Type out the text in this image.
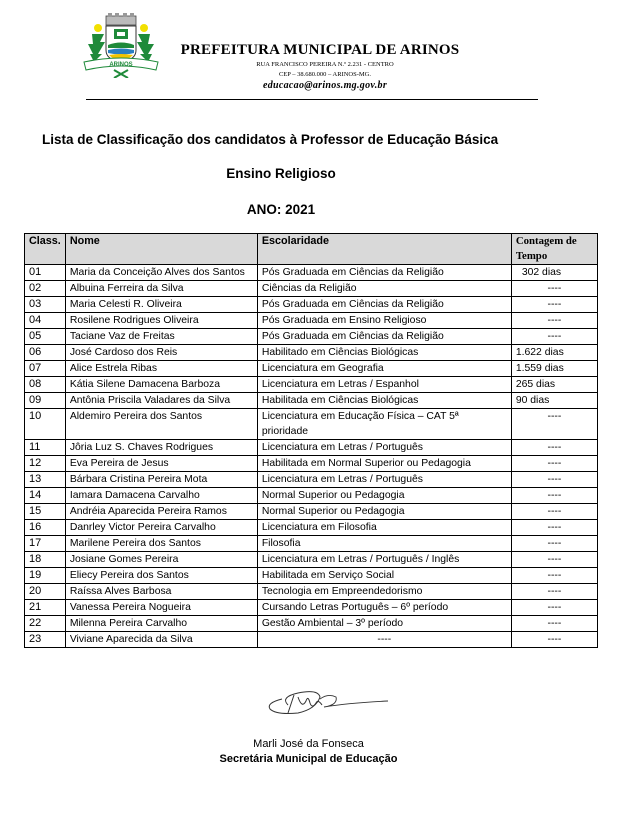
ARINOS
PREFEITURA MUNICIPAL DE ARINOS
RUA FRANCISCO PEREIRA N.º 2.231 - CENTRO
CEP – 38.680.000 – ARINOS-MG.
educacao@arinos.mg.gov.br
Lista de Classificação dos candidatos à Professor de Educação Básica
Ensino Religioso
ANO: 2021
Class.	Nome	Escolaridade	Contagem de
Tempo
01	Maria da Conceição Alves dos Santos	Pós Graduada em Ciências da Religião	302 dias
02	Albuina Ferreira da Silva	Ciências da Religião	----
03	Maria Celesti R. Oliveira	Pós Graduada em Ciências da Religião	----
04	Rosilene Rodrigues Oliveira	Pós Graduada em Ensino Religioso	----
05	Taciane Vaz de Freitas	Pós Graduada em Ciências da Religião	----
06	José Cardoso dos Reis	Habilitado em Ciências Biológicas	1.622 dias
07	Alice Estrela Ribas	Licenciatura em Geografia	1.559 dias
08	Kátia Silene Damacena Barboza	Licenciatura em Letras / Espanhol	265 dias
09	Antônia Priscila Valadares da Silva	Habilitada em Ciências Biológicas	90 dias
10	Aldemiro Pereira dos Santos	Licenciatura em Educação Física – CAT 5ª prioridade	----
11	Jôria Luz S. Chaves Rodrigues	Licenciatura em Letras / Português	----
12	Eva Pereira de Jesus	Habilitada em Normal Superior ou Pedagogia	----
13	Bárbara Cristina Pereira Mota	Licenciatura em Letras / Português	----
14	Iamara Damacena Carvalho	Normal Superior ou Pedagogia	----
15	Andréia Aparecida Pereira Ramos	Normal Superior ou Pedagogia	----
16	Danrley Victor Pereira Carvalho	Licenciatura em Filosofia	----
17	Marilene Pereira dos Santos	Filosofia	----
18	Josiane Gomes Pereira	Licenciatura em Letras / Português / Inglês	----
19	Eliecy Pereira dos Santos	Habilitada em Serviço Social	----
20	Raíssa Alves Barbosa	Tecnologia em Empreendedorismo	----
21	Vanessa Pereira Nogueira	Cursando Letras Português – 6º período	----
22	Milenna Pereira Carvalho	Gestão Ambiental – 3º período	----
23	Viviane Aparecida da Silva	----	----
Marli José da Fonseca
Secretária Municipal de Educação
